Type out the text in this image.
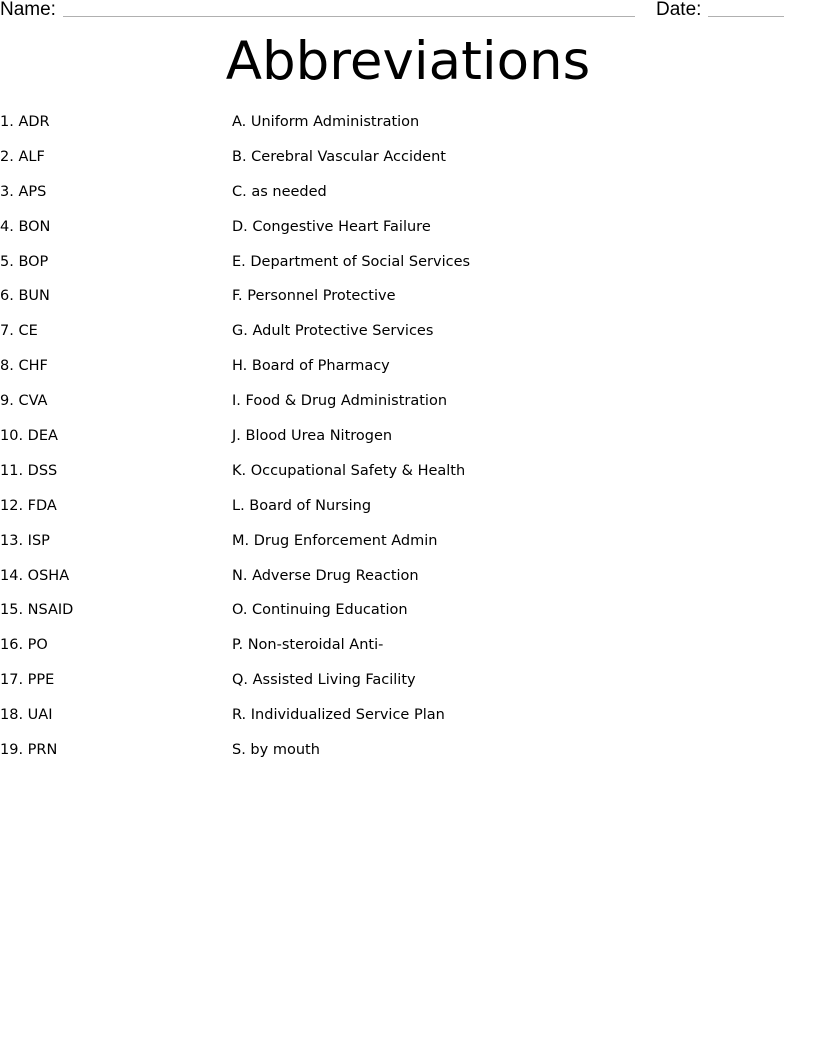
Name:	Date:
Abbreviations
1. ADR	A. Uniform Administration
2. ALF	B. Cerebral Vascular Accident
3. APS	C. as needed
4. BON	D. Congestive Heart Failure
5. BOP	E. Department of Social Services
6. BUN	F. Personnel Protective
7. CE	G. Adult Protective Services
8. CHF	H. Board of Pharmacy
9. CVA	I. Food & Drug Administration
10. DEA	J. Blood Urea Nitrogen
11. DSS	K. Occupational Safety & Health
12. FDA	L. Board of Nursing
13. ISP	M. Drug Enforcement Admin
14. OSHA	N. Adverse Drug Reaction
15. NSAID	O. Continuing Education
16. PO	P. Non-steroidal Anti-
17. PPE	Q. Assisted Living Facility
18. UAI	R. Individualized Service Plan
19. PRN	S. by mouth
